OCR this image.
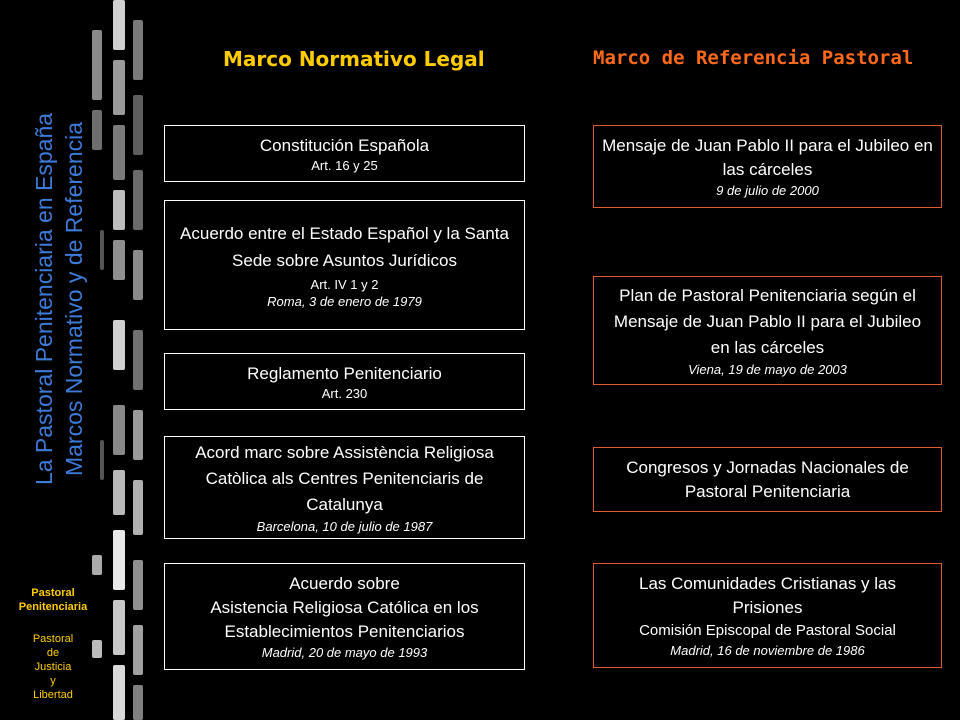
La Pastoral Penitenciaria en España Marcos Normativo y de Referencia
Pastoral
Penitenciaria
Pastoral
de
Justicia
y
Libertad
Marco Normativo Legal	Marco de Referencia Pastoral
Constitución Española
Art. 16 y 25
Acuerdo entre el Estado Español y la Santa Sede sobre Asuntos Jurídicos
Art. IV 1 y 2
Roma, 3 de enero de 1979
Reglamento Penitenciario
Art. 230
Acord marc sobre Assistència Religiosa Catòlica als Centres Penitenciaris de Catalunya
Barcelona, 10 de julio de 1987
Acuerdo sobre
Asistencia Religiosa Católica en los Establecimientos Penitenciarios
Madrid, 20 de mayo de 1993
Mensaje de Juan Pablo II para el Jubileo en las cárceles
9 de julio de 2000
Plan de Pastoral Penitenciaria según el Mensaje de Juan Pablo II para el Jubileo en las cárceles
Viena, 19 de mayo de 2003
Congresos y Jornadas Nacionales de Pastoral Penitenciaria
Las Comunidades Cristianas y las Prisiones
Comisión Episcopal de Pastoral Social
Madrid, 16 de noviembre de 1986
